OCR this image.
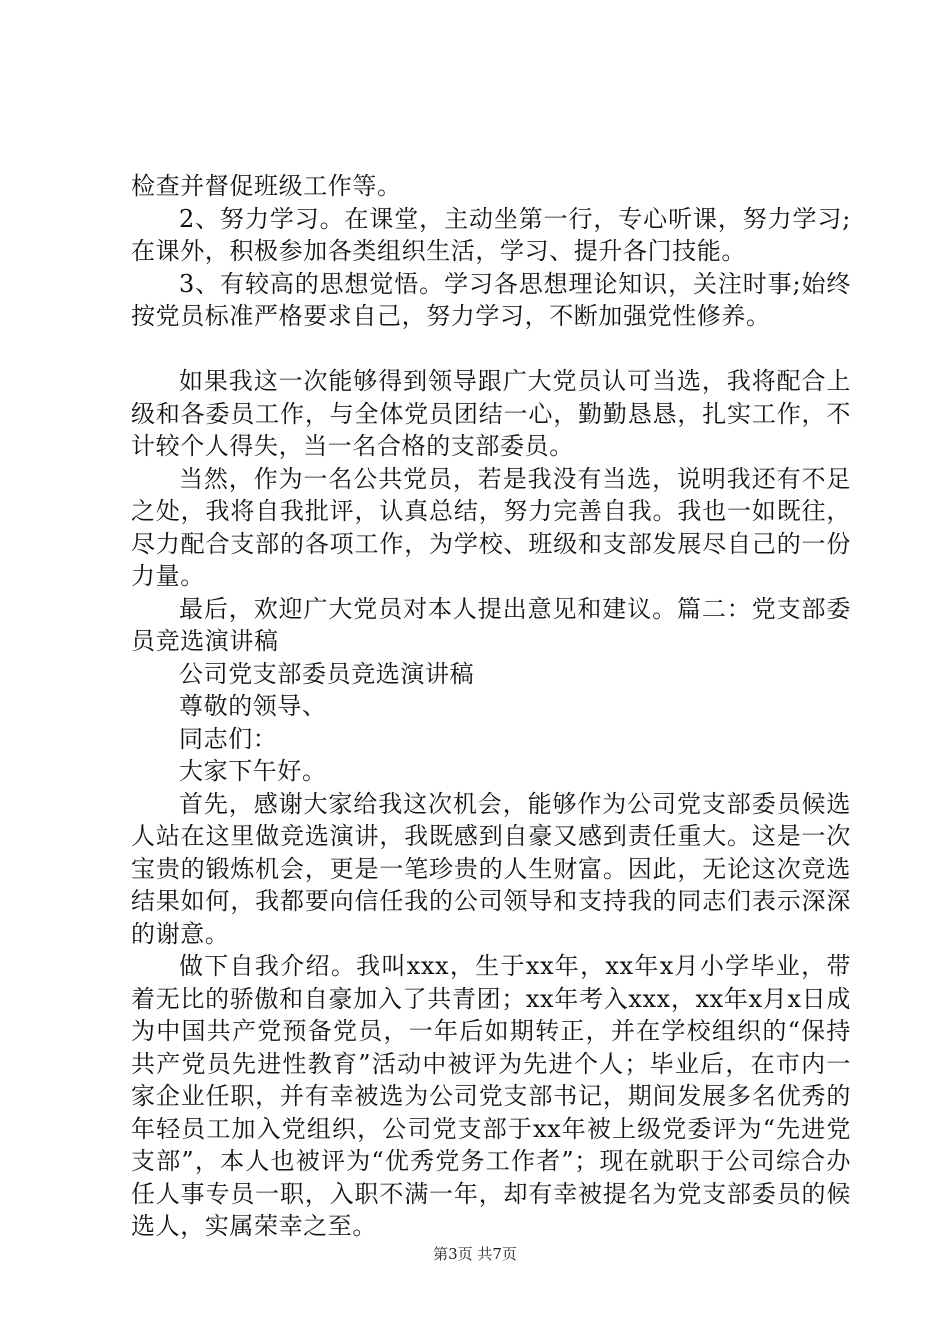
检查并督促班级工作等。

2、努力学习。在课堂，主动坐第一行，专心听课，努力学习;在课外，积极参加各类组织生活，学习、提升各门技能。

3、有较高的思想觉悟。学习各思想理论知识，关注时事;始终按党员标准严格要求自己，努力学习，不断加强党性修养。

如果我这一次能够得到领导跟广大党员认可当选，我将配合上级和各委员工作，与全体党员团结一心，勤勤恳恳，扎实工作，不计较个人得失，当一名合格的支部委员。

当然，作为一名公共党员，若是我没有当选，说明我还有不足之处，我将自我批评，认真总结，努力完善自我。我也一如既往，尽力配合支部的各项工作，为学校、班级和支部发展尽自己的一份力量。

最后，欢迎广大党员对本人提出意见和建议。篇二：党支部委员竞选演讲稿

公司党支部委员竞选演讲稿

尊敬的领导、

同志们：

大家下午好。

首先，感谢大家给我这次机会，能够作为公司党支部委员候选人站在这里做竞选演讲，我既感到自豪又感到责任重大。这是一次宝贵的锻炼机会，更是一笔珍贵的人生财富。因此，无论这次竞选结果如何，我都要向信任我的公司领导和支持我的同志们表示深深的谢意。

做下自我介绍。我叫xxx，生于xx年，xx年x月小学毕业，带着无比的骄傲和自豪加入了共青团；xx年考入xxx，xx年x月x日成为中国共产党预备党员，一年后如期转正，并在学校组织的“保持共产党员先进性教育”活动中被评为先进个人；毕业后，在市内一家企业任职，并有幸被选为公司党支部书记，期间发展多名优秀的年轻员工加入党组织，公司党支部于xx年被上级党委评为“先进党支部”，本人也被评为“优秀党务工作者”；现在就职于公司综合办任人事专员一职，入职不满一年，却有幸被提名为党支部委员的候选人，实属荣幸之至。

第3页 共7页
